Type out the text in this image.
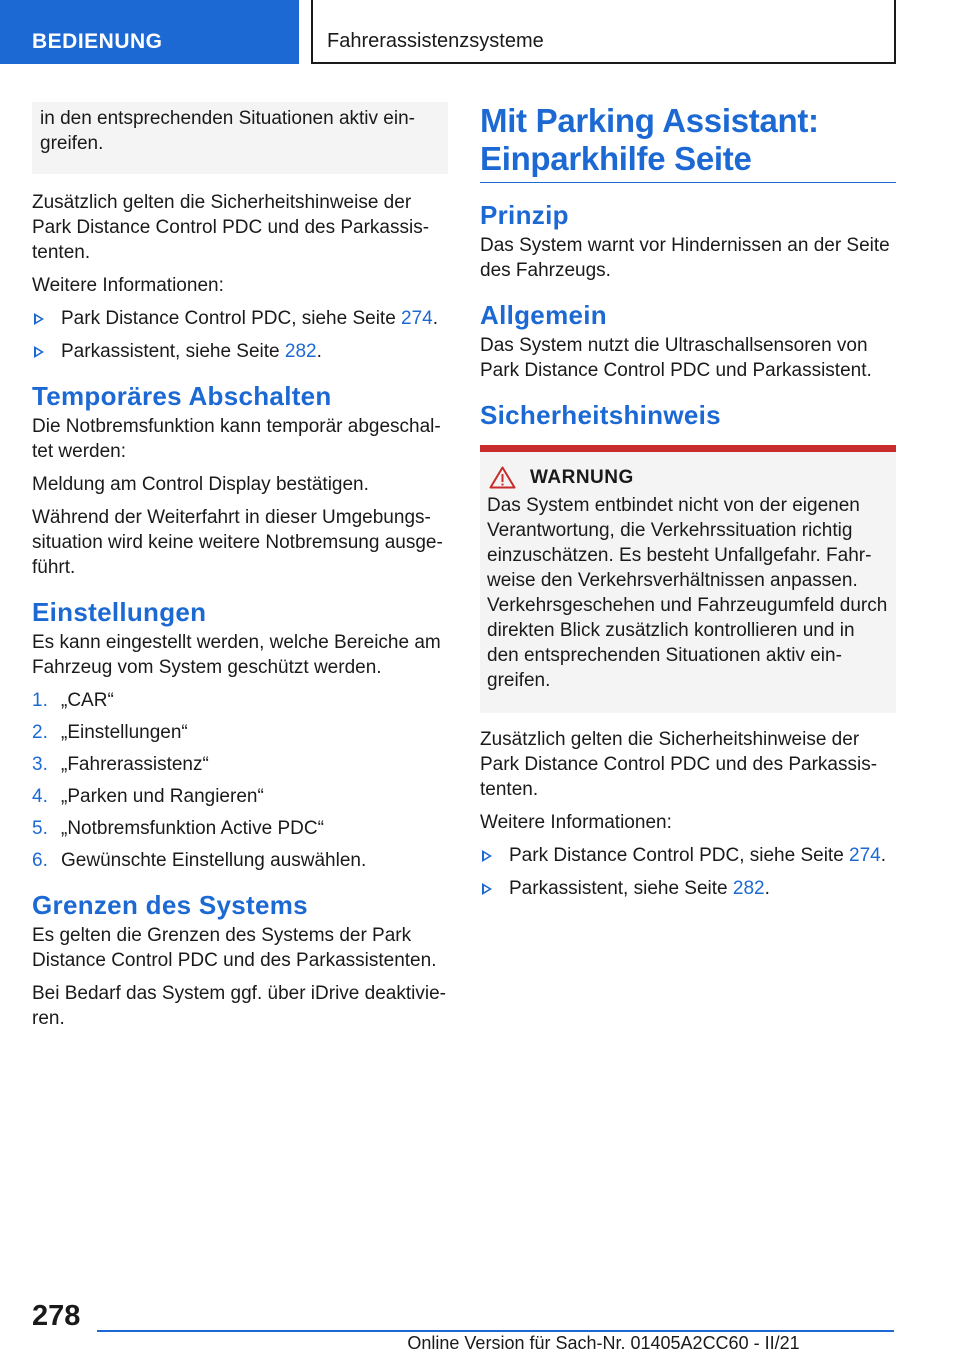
BEDIENUNG	Fahrerassistenzsysteme

in den entsprechenden Situationen aktiv ein-greifen.

Zusätzlich gelten die Sicherheitshinweise der Park Distance Control PDC und des Parkassis-tenten.

Weitere Informationen:

Park Distance Control PDC, siehe Seite 274.
Parkassistent, siehe Seite 282.
Temporäres Abschalten

Die Notbremsfunktion kann temporär abgeschal-tet werden:

Meldung am Control Display bestätigen.

Während der Weiterfahrt in dieser Umgebungs-situation wird keine weitere Notbremsung ausge-führt.

Einstellungen

Es kann eingestellt werden, welche Bereiche am Fahrzeug vom System geschützt werden.

1. „CAR“
2. „Einstellungen“
3. „Fahrerassistenz“
4. „Parken und Rangieren“
5. „Notbremsfunktion Active PDC“
6. Gewünschte Einstellung auswählen.
Grenzen des Systems

Es gelten die Grenzen des Systems der Park Distance Control PDC und des Parkassistenten.

Bei Bedarf das System ggf. über iDrive deaktivie-ren.

Mit Parking Assistant: Einparkhilfe Seite
Prinzip

Das System warnt vor Hindernissen an der Seite des Fahrzeugs.

Allgemein

Das System nutzt die Ultraschallsensoren von Park Distance Control PDC und Parkassistent.

Sicherheitshinweis
WARNUNG

Das System entbindet nicht von der eigenen Verantwortung, die Verkehrssituation richtig einzuschätzen. Es besteht Unfallgefahr. Fahr-weise den Verkehrsverhältnissen anpassen. Verkehrsgeschehen und Fahrzeugumfeld durch direkten Blick zusätzlich kontrollieren und in den entsprechenden Situationen aktiv ein-greifen.

Zusätzlich gelten die Sicherheitshinweise der Park Distance Control PDC und des Parkassis-tenten.

Weitere Informationen:

Park Distance Control PDC, siehe Seite 274.
Parkassistent, siehe Seite 282.
278
Online Version für Sach-Nr. 01405A2CC60 - II/21
